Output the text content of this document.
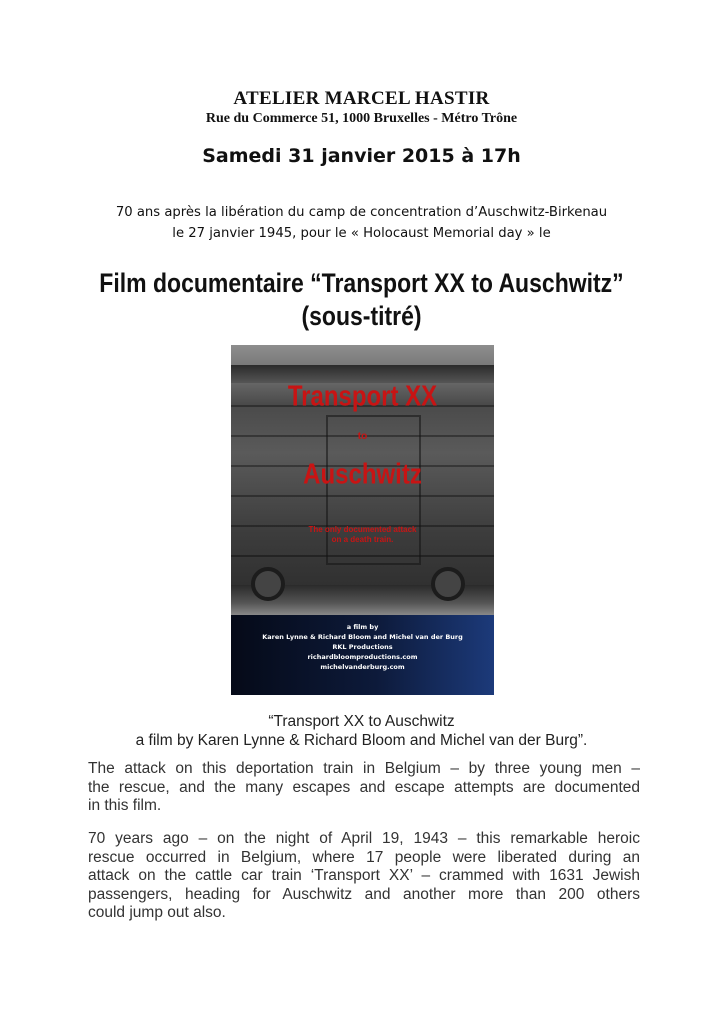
ATELIER MARCEL HASTIR
Rue du Commerce 51, 1000 Bruxelles - Métro Trône
Samedi 31 janvier 2015 à 17h
70 ans après la libération du camp de concentration d’Auschwitz-Birkenau
le 27 janvier 1945, pour le « Holocaust Memorial day » le
Film documentaire “Transport XX to Auschwitz”
(sous-titré)
Transport XX
to
Auschwitz
The only documented attack
on a death train.
a film by
Karen Lynne & Richard Bloom and Michel van der Burg
RKL Productions
richardbloomproductions.com
michelvanderburg.com
“Transport XX to Auschwitz
a film by Karen Lynne & Richard Bloom and Michel van der Burg”.
The attack on this deportation train in Belgium – by three young men –
the rescue, and the many escapes and escape attempts are documented
in this film.
70 years ago – on the night of April 19, 1943 – this remarkable heroic
rescue occurred in Belgium, where 17 people were liberated during an
attack on the cattle car train ‘Transport XX’ – crammed with 1631 Jewish
passengers, heading for Auschwitz and another more than 200 others
could jump out also.
